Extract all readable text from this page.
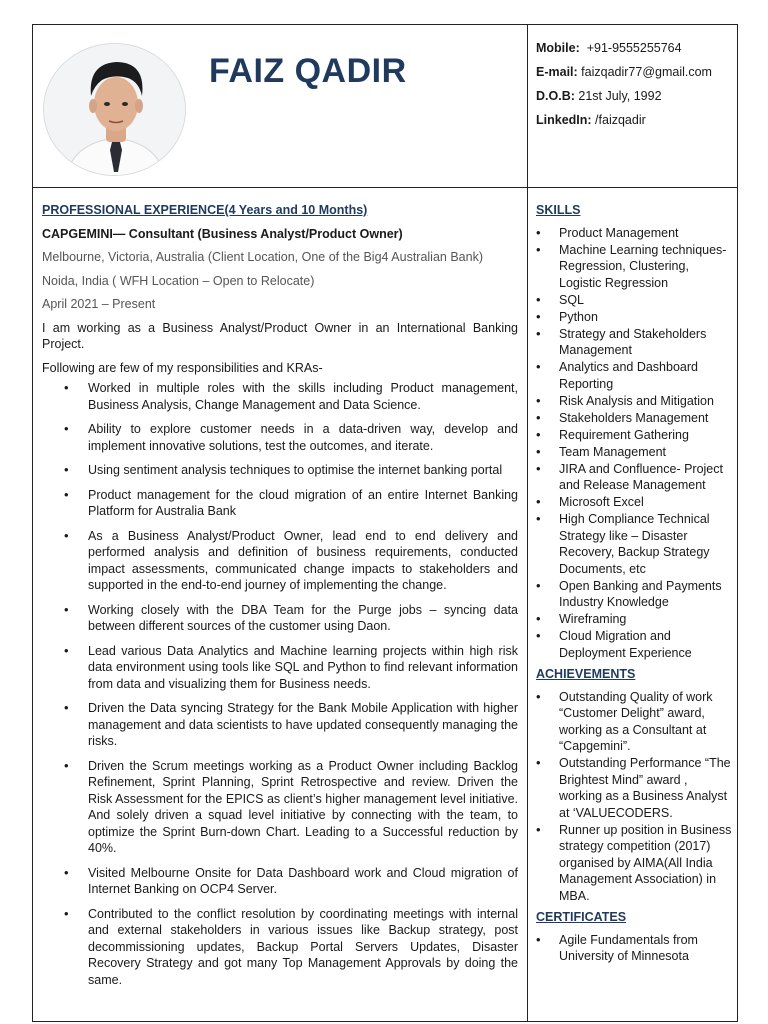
FAIZ QADIR
Mobile: +91-9555255764
E-mail: faizqadir77@gmail.com
D.O.B: 21st July, 1992
LinkedIn: /faizqadir
PROFESSIONAL EXPERIENCE(4 Years and 10 Months)
CAPGEMINI— Consultant (Business Analyst/Product Owner)
Melbourne, Victoria, Australia (Client Location, One of the Big4 Australian Bank)
Noida, India ( WFH Location – Open to Relocate)
April 2021 – Present
I am working as a Business Analyst/Product Owner in an International Banking Project.
Following are few of my responsibilities and KRAs-
• Worked in multiple roles with the skills including Product management, Business Analysis, Change Management and Data Science.
• Ability to explore customer needs in a data-driven way, develop and implement innovative solutions, test the outcomes, and iterate.
• Using sentiment analysis techniques to optimise the internet banking portal
• Product management for the cloud migration of an entire Internet Banking Platform for Australia Bank
• As a Business Analyst/Product Owner, lead end to end delivery and performed analysis and definition of business requirements, conducted impact assessments, communicated change impacts to stakeholders and supported in the end-to-end journey of implementing the change.
• Working closely with the DBA Team for the Purge jobs – syncing data between different sources of the customer using Daon.
• Lead various Data Analytics and Machine learning projects within high risk data environment using tools like SQL and Python to find relevant information from data and visualizing them for Business needs.
• Driven the Data syncing Strategy for the Bank Mobile Application with higher management and data scientists to have updated consequently managing the risks.
• Driven the Scrum meetings working as a Product Owner including Backlog Refinement, Sprint Planning, Sprint Retrospective and review. Driven the Risk Assessment for the EPICS as client’s higher management level initiative. And solely driven a squad level initiative by connecting with the team, to optimize the Sprint Burn-down Chart. Leading to a Successful reduction by 40%.
• Visited Melbourne Onsite for Data Dashboard work and Cloud migration of Internet Banking on OCP4 Server.
• Contributed to the conflict resolution by coordinating meetings with internal and external stakeholders in various issues like Backup strategy, post decommissioning updates, Backup Portal Servers Updates, Disaster Recovery Strategy and got many Top Management Approvals by doing the same.
SKILLS
• Product Management
• Machine Learning techniques- Regression, Clustering, Logistic Regression
• SQL
• Python
• Strategy and Stakeholders Management
• Analytics and Dashboard Reporting
• Risk Analysis and Mitigation
• Stakeholders Management
• Requirement Gathering
• Team Management
• JIRA and Confluence- Project and Release Management
• Microsoft Excel
• High Compliance Technical Strategy like – Disaster Recovery, Backup Strategy Documents, etc
• Open Banking and Payments Industry Knowledge
• Wireframing
• Cloud Migration and Deployment Experience
ACHIEVEMENTS
• Outstanding Quality of work “Customer Delight” award, working as a Consultant at “Capgemini”.
• Outstanding Performance “The Brightest Mind” award , working as a Business Analyst at ‘VALUECODERS.
• Runner up position in Business strategy competition (2017) organised by AIMA(All India Management Association) in MBA.
CERTIFICATES
• Agile Fundamentals from University of Minnesota
